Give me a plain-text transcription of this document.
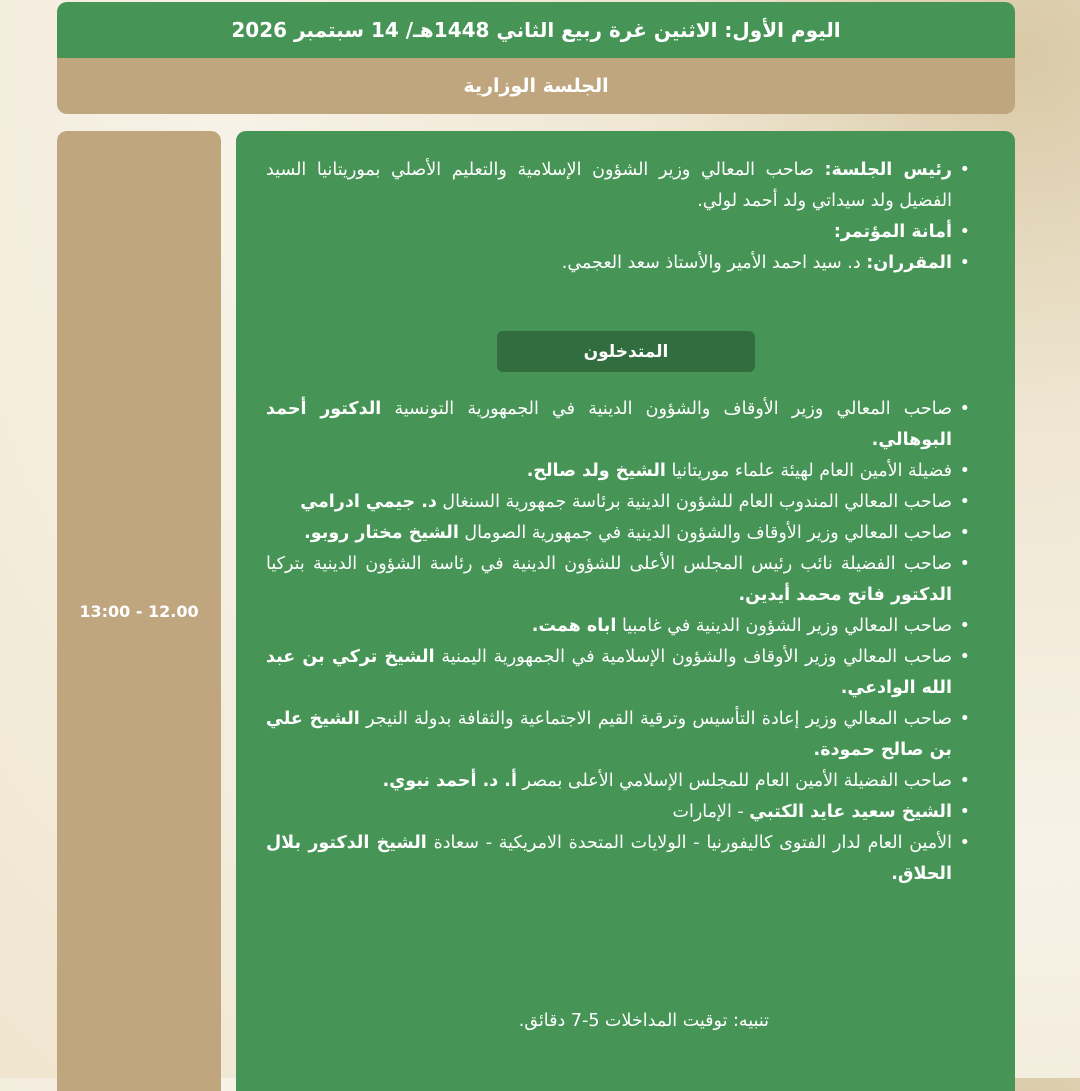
اليوم الأول: الاثنين غرة ربيع الثاني 1448هـ/ 14 سبتمبر 2026
الجلسة الوزارية
13:00 - 12.00
• رئيس الجلسة: صاحب المعالي وزير الشؤون الإسلامية والتعليم الأصلي بموريتانيا السيد الفضيل ولد سيداتي ولد أحمد لولي.
• أمانة المؤتمر:
• المقرران: د. سيد احمد الأمير والأستاذ سعد العجمي.
المتدخلون
• صاحب المعالي وزير الأوقاف والشؤون الدينية في الجمهورية التونسية الدكتور أحمد البوهالي.
• فضيلة الأمين العام لهيئة علماء موريتانيا الشيخ ولد صالح.
• صاحب المعالي المندوب العام للشؤون الدينية برئاسة جمهورية السنغال د. جيمي ادرامي
• صاحب المعالي وزير الأوقاف والشؤون الدينية في جمهورية الصومال الشيخ مختار روبو.
• صاحب الفضيلة نائب رئيس المجلس الأعلى للشؤون الدينية في رئاسة الشؤون الدينية بتركيا الدكتور فاتح محمد أيدين.
• صاحب المعالي وزير الشؤون الدينية في غامبيا اباه همت.
• صاحب المعالي وزير الأوقاف والشؤون الإسلامية في الجمهورية اليمنية الشيخ تركي بن عبد الله الوادعي.
• صاحب المعالي وزير إعادة التأسيس وترقية القيم الاجتماعية والثقافة بدولة النيجر الشيخ علي بن صالح حمودة.
• صاحب الفضيلة الأمين العام للمجلس الإسلامي الأعلى بمصر أ. د. أحمد نبوي.
• الشيخ سعيد عايد الكتبي - الإمارات
• الأمين العام لدار الفتوى كاليفورنيا - الولايات المتحدة الامريكية - سعادة الشيخ الدكتور بلال الحلاق.
تنبيه: توقيت المداخلات 5-7 دقائق.
